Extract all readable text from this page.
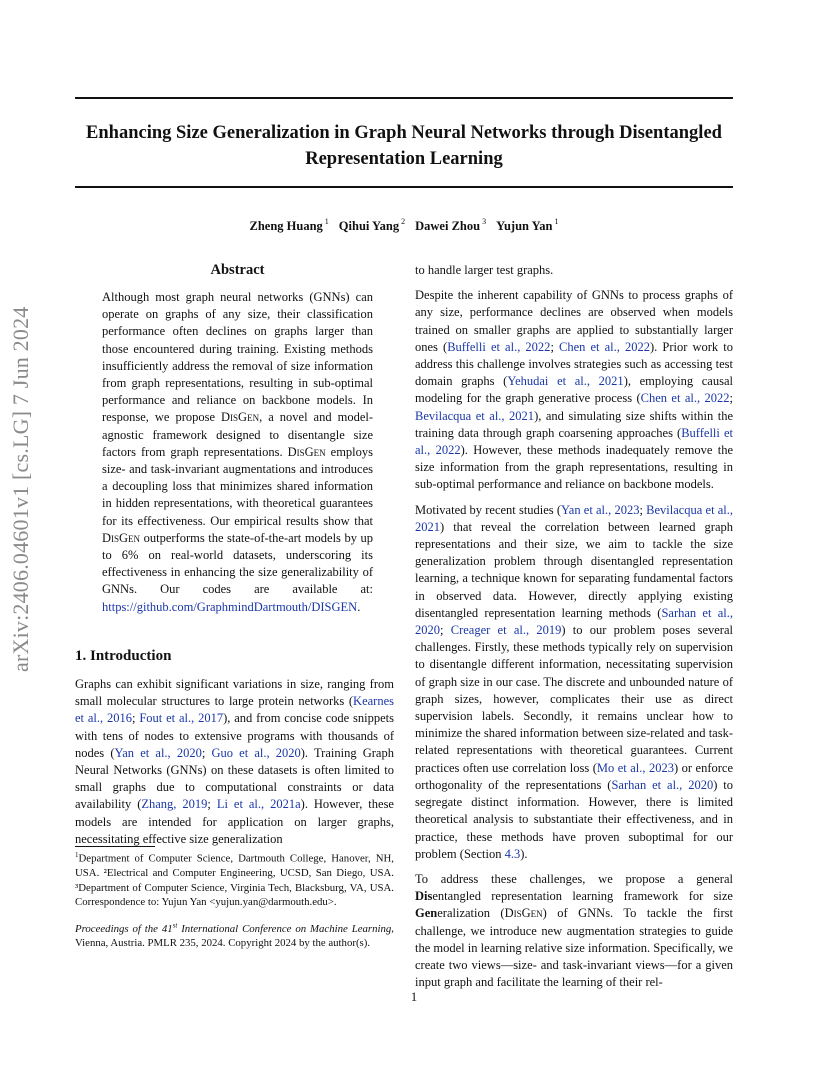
Enhancing Size Generalization in Graph Neural Networks through Disentangled Representation Learning
Zheng Huang $^1$ Qihui Yang $^2$ Dawei Zhou $^3$ Yujun Yan $^1$
arXiv:2406.04601v1 [cs.LG] 7 Jun 2024
Abstract

Although most graph neural networks (GNNs) can operate on graphs of any size, their classification performance often declines on graphs larger than those encountered during training. Existing methods insufficiently address the removal of size information from graph representations, resulting in sub-optimal performance and reliance on backbone models. In response, we propose DisGen, a novel and model-agnostic framework designed to disentangle size factors from graph representations. DisGen employs size- and task-invariant augmentations and introduces a decoupling loss that minimizes shared information in hidden representations, with theoretical guarantees for its effectiveness. Our empirical results show that DisGen outperforms the state-of-the-art models by up to 6% on real-world datasets, underscoring its effectiveness in enhancing the size generalizability of GNNs. Our codes are available at: https://github.com/GraphmindDartmouth/DISGEN.

1. Introduction

Graphs can exhibit significant variations in size, ranging from small molecular structures to large protein networks (Kearnes et al., 2016; Fout et al., 2017), and from concise code snippets with tens of nodes to extensive programs with thousands of nodes (Yan et al., 2020; Guo et al., 2020). Training Graph Neural Networks (GNNs) on these datasets is often limited to small graphs due to computational constraints or data availability (Zhang, 2019; Li et al., 2021a). However, these models are intended for application on larger graphs, necessitating effective size generalization

to handle larger test graphs.

Despite the inherent capability of GNNs to process graphs of any size, performance declines are observed when models trained on smaller graphs are applied to substantially larger ones (Buffelli et al., 2022; Chen et al., 2022). Prior work to address this challenge involves strategies such as accessing test domain graphs (Yehudai et al., 2021), employing causal modeling for the graph generative process (Chen et al., 2022; Bevilacqua et al., 2021), and simulating size shifts within the training data through graph coarsening approaches (Buffelli et al., 2022). However, these methods inadequately remove the size information from the graph representations, resulting in sub-optimal performance and reliance on backbone models.

Motivated by recent studies (Yan et al., 2023; Bevilacqua et al., 2021) that reveal the correlation between learned graph representations and their size, we aim to tackle the size generalization problem through disentangled representation learning, a technique known for separating fundamental factors in observed data. However, directly applying existing disentangled representation learning methods (Sarhan et al., 2020; Creager et al., 2019) to our problem poses several challenges. Firstly, these methods typically rely on supervision to disentangle different information, necessitating supervision of graph size in our case. The discrete and unbounded nature of graph sizes, however, complicates their use as direct supervision labels. Secondly, it remains unclear how to minimize the shared information between size-related and task-related representations with theoretical guarantees. Current practices often use correlation loss (Mo et al., 2023) or enforce orthogonality of the representations (Sarhan et al., 2020) to segregate distinct information. However, there is limited theoretical analysis to substantiate their effectiveness, and in practice, these methods have proven suboptimal for our problem (Section 4.3).

To address these challenges, we propose a general Disentangled representation learning framework for size Generalization (DisGen) of GNNs. To tackle the first challenge, we introduce new augmentation strategies to guide the model in learning relative size information. Specifically, we create two views—size- and task-invariant views—for a given input graph and facilitate the learning of their rel-

$^1$Department of Computer Science, Dartmouth College, Hanover, NH, USA. ²Electrical and Computer Engineering, UCSD, San Diego, USA. ³Department of Computer Science, Virginia Tech, Blacksburg, VA, USA. Correspondence to: Yujun Yan <yujun.yan@darmouth.edu>.

Proceedings of the 41st International Conference on Machine Learning, Vienna, Austria. PMLR 235, 2024. Copyright 2024 by the author(s).

1
